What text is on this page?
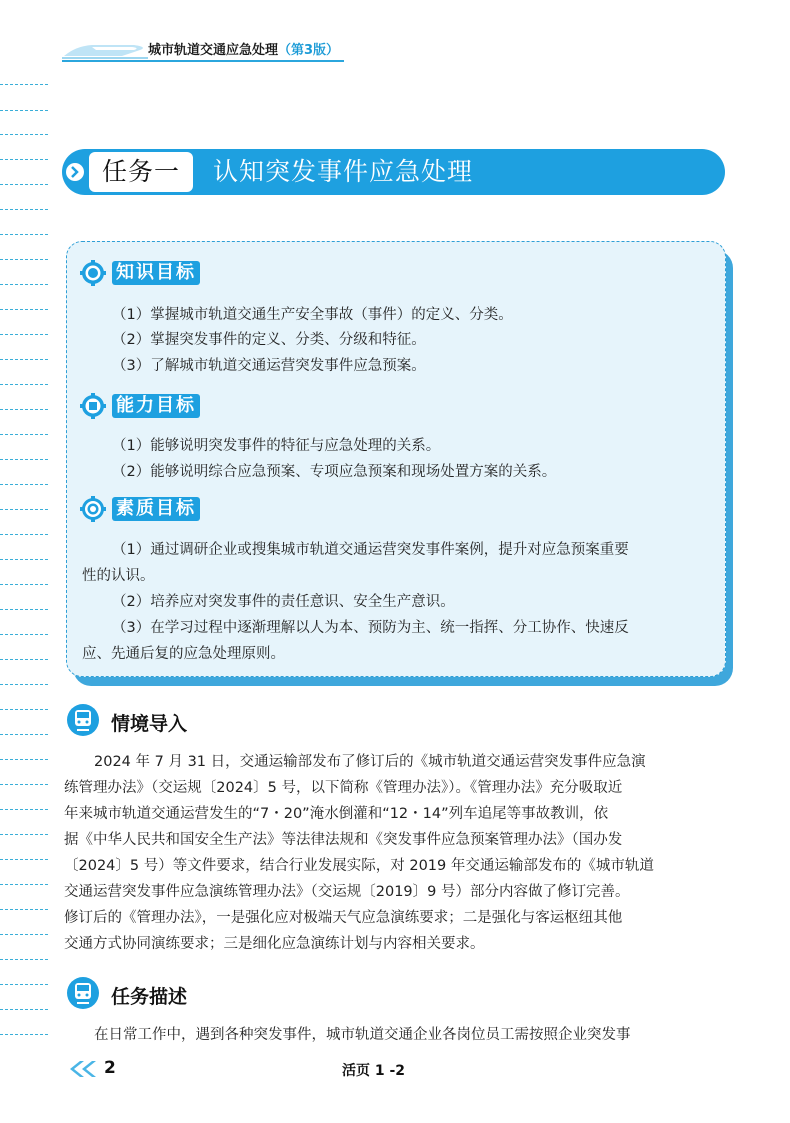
城市轨道交通应急处理（第3版）
任务一	认知突发事件应急处理
知识目标
（1）掌握城市轨道交通生产安全事故（事件）的定义、分类。
（2）掌握突发事件的定义、分类、分级和特征。
（3）了解城市轨道交通运营突发事件应急预案。
能力目标
（1）能够说明突发事件的特征与应急处理的关系。
（2）能够说明综合应急预案、专项应急预案和现场处置方案的关系。
素质目标
（1）通过调研企业或搜集城市轨道交通运营突发事件案例，提升对应急预案重要
性的认识。
（2）培养应对突发事件的责任意识、安全生产意识。
（3）在学习过程中逐渐理解以人为本、预防为主、统一指挥、分工协作、快速反
应、先通后复的应急处理原则。
情境导入
2024 年 7 月 31 日，交通运输部发布了修订后的《城市轨道交通运营突发事件应急演
练管理办法》（交运规〔2024〕5 号，以下简称《管理办法》）。《管理办法》充分吸取近
年来城市轨道交通运营发生的“7・20”淹水倒灌和“12・14”列车追尾等事故教训，依
据《中华人民共和国安全生产法》等法律法规和《突发事件应急预案管理办法》（国办发
〔2024〕5 号）等文件要求，结合行业发展实际，对 2019 年交通运输部发布的《城市轨道
交通运营突发事件应急演练管理办法》（交运规〔2019〕9 号）部分内容做了修订完善。
修订后的《管理办法》，一是强化应对极端天气应急演练要求；二是强化与客运枢纽其他
交通方式协同演练要求；三是细化应急演练计划与内容相关要求。
任务描述
在日常工作中，遇到各种突发事件，城市轨道交通企业各岗位员工需按照企业突发事
2	活页 1 -2
